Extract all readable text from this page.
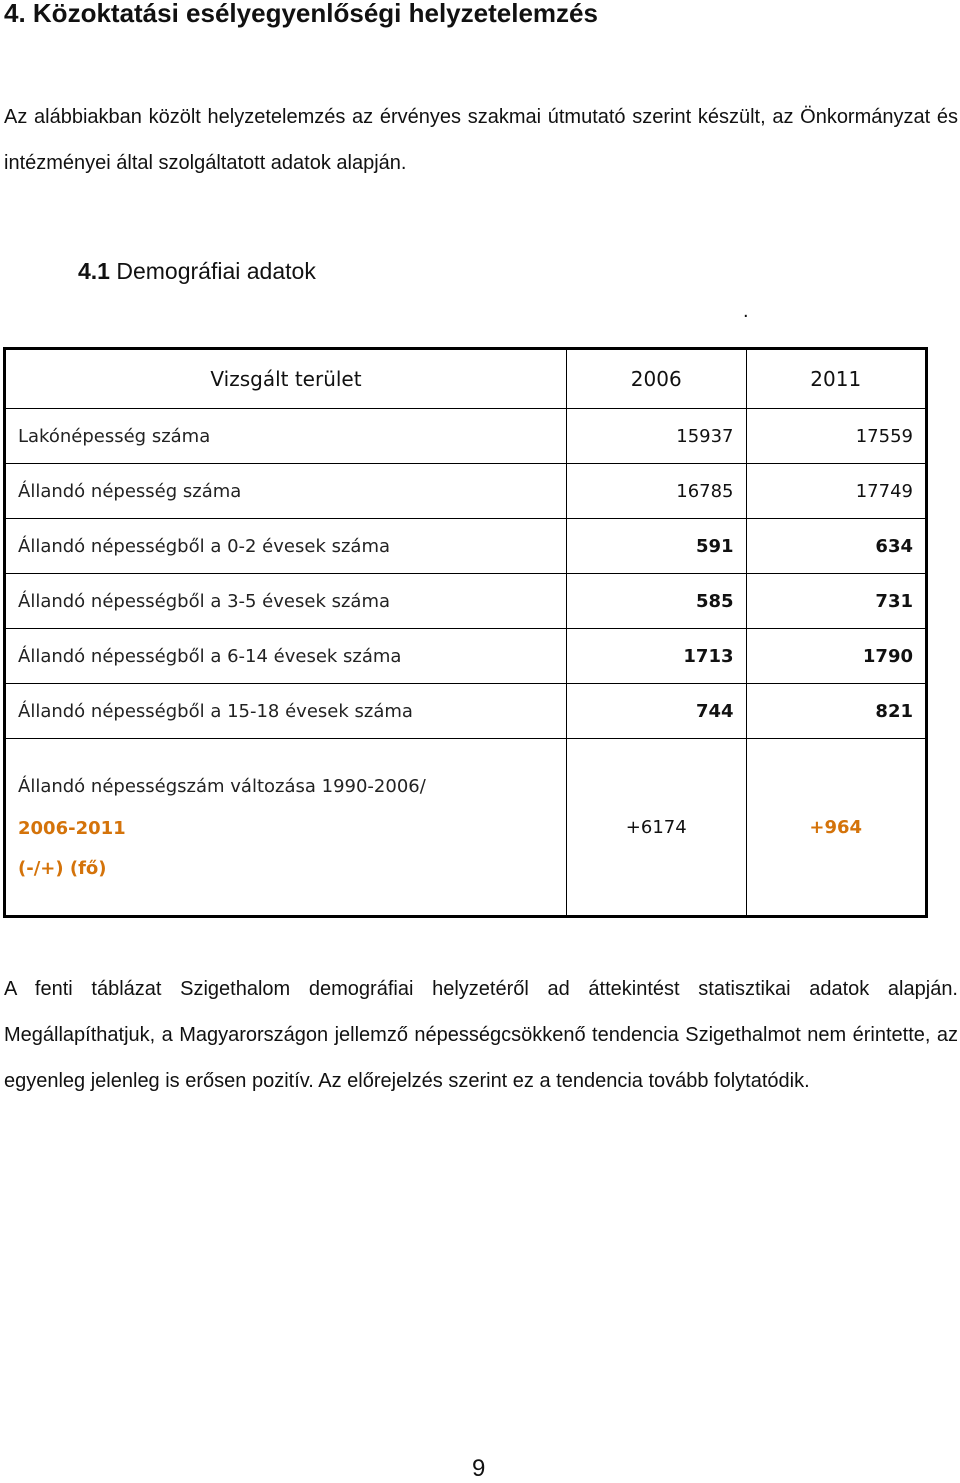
4. Közoktatási esélyegyenlőségi helyzetelemzés
Az alábbiakban közölt helyzetelemzés az érvényes szakmai útmutató szerint készült, az Önkormányzat és intézményei által szolgáltatott adatok alapján.
4.1 Demográfiai adatok
.
Vizsgált terület	2006	2011
Lakónépesség száma	15937	17559
Állandó népesség száma	16785	17749
Állandó népességből a 0-2 évesek száma	591	634
Állandó népességből a 3-5 évesek száma	585	731
Állandó népességből a 6-14 évesek száma	1713	1790
Állandó népességből a 15-18 évesek száma	744	821

Állandó népességszám változása 1990-2006/
2006-2011
(-/+) (fő)	+6174	+964
A fenti táblázat Szigethalom demográfiai helyzetéről ad áttekintést statisztikai adatok alapján. Megállapíthatjuk, a Magyarországon jellemző népességcsökkenő tendencia Szigethalmot nem érintette, az egyenleg jelenleg is erősen pozitív. Az előrejelzés szerint ez a tendencia tovább folytatódik.
9
